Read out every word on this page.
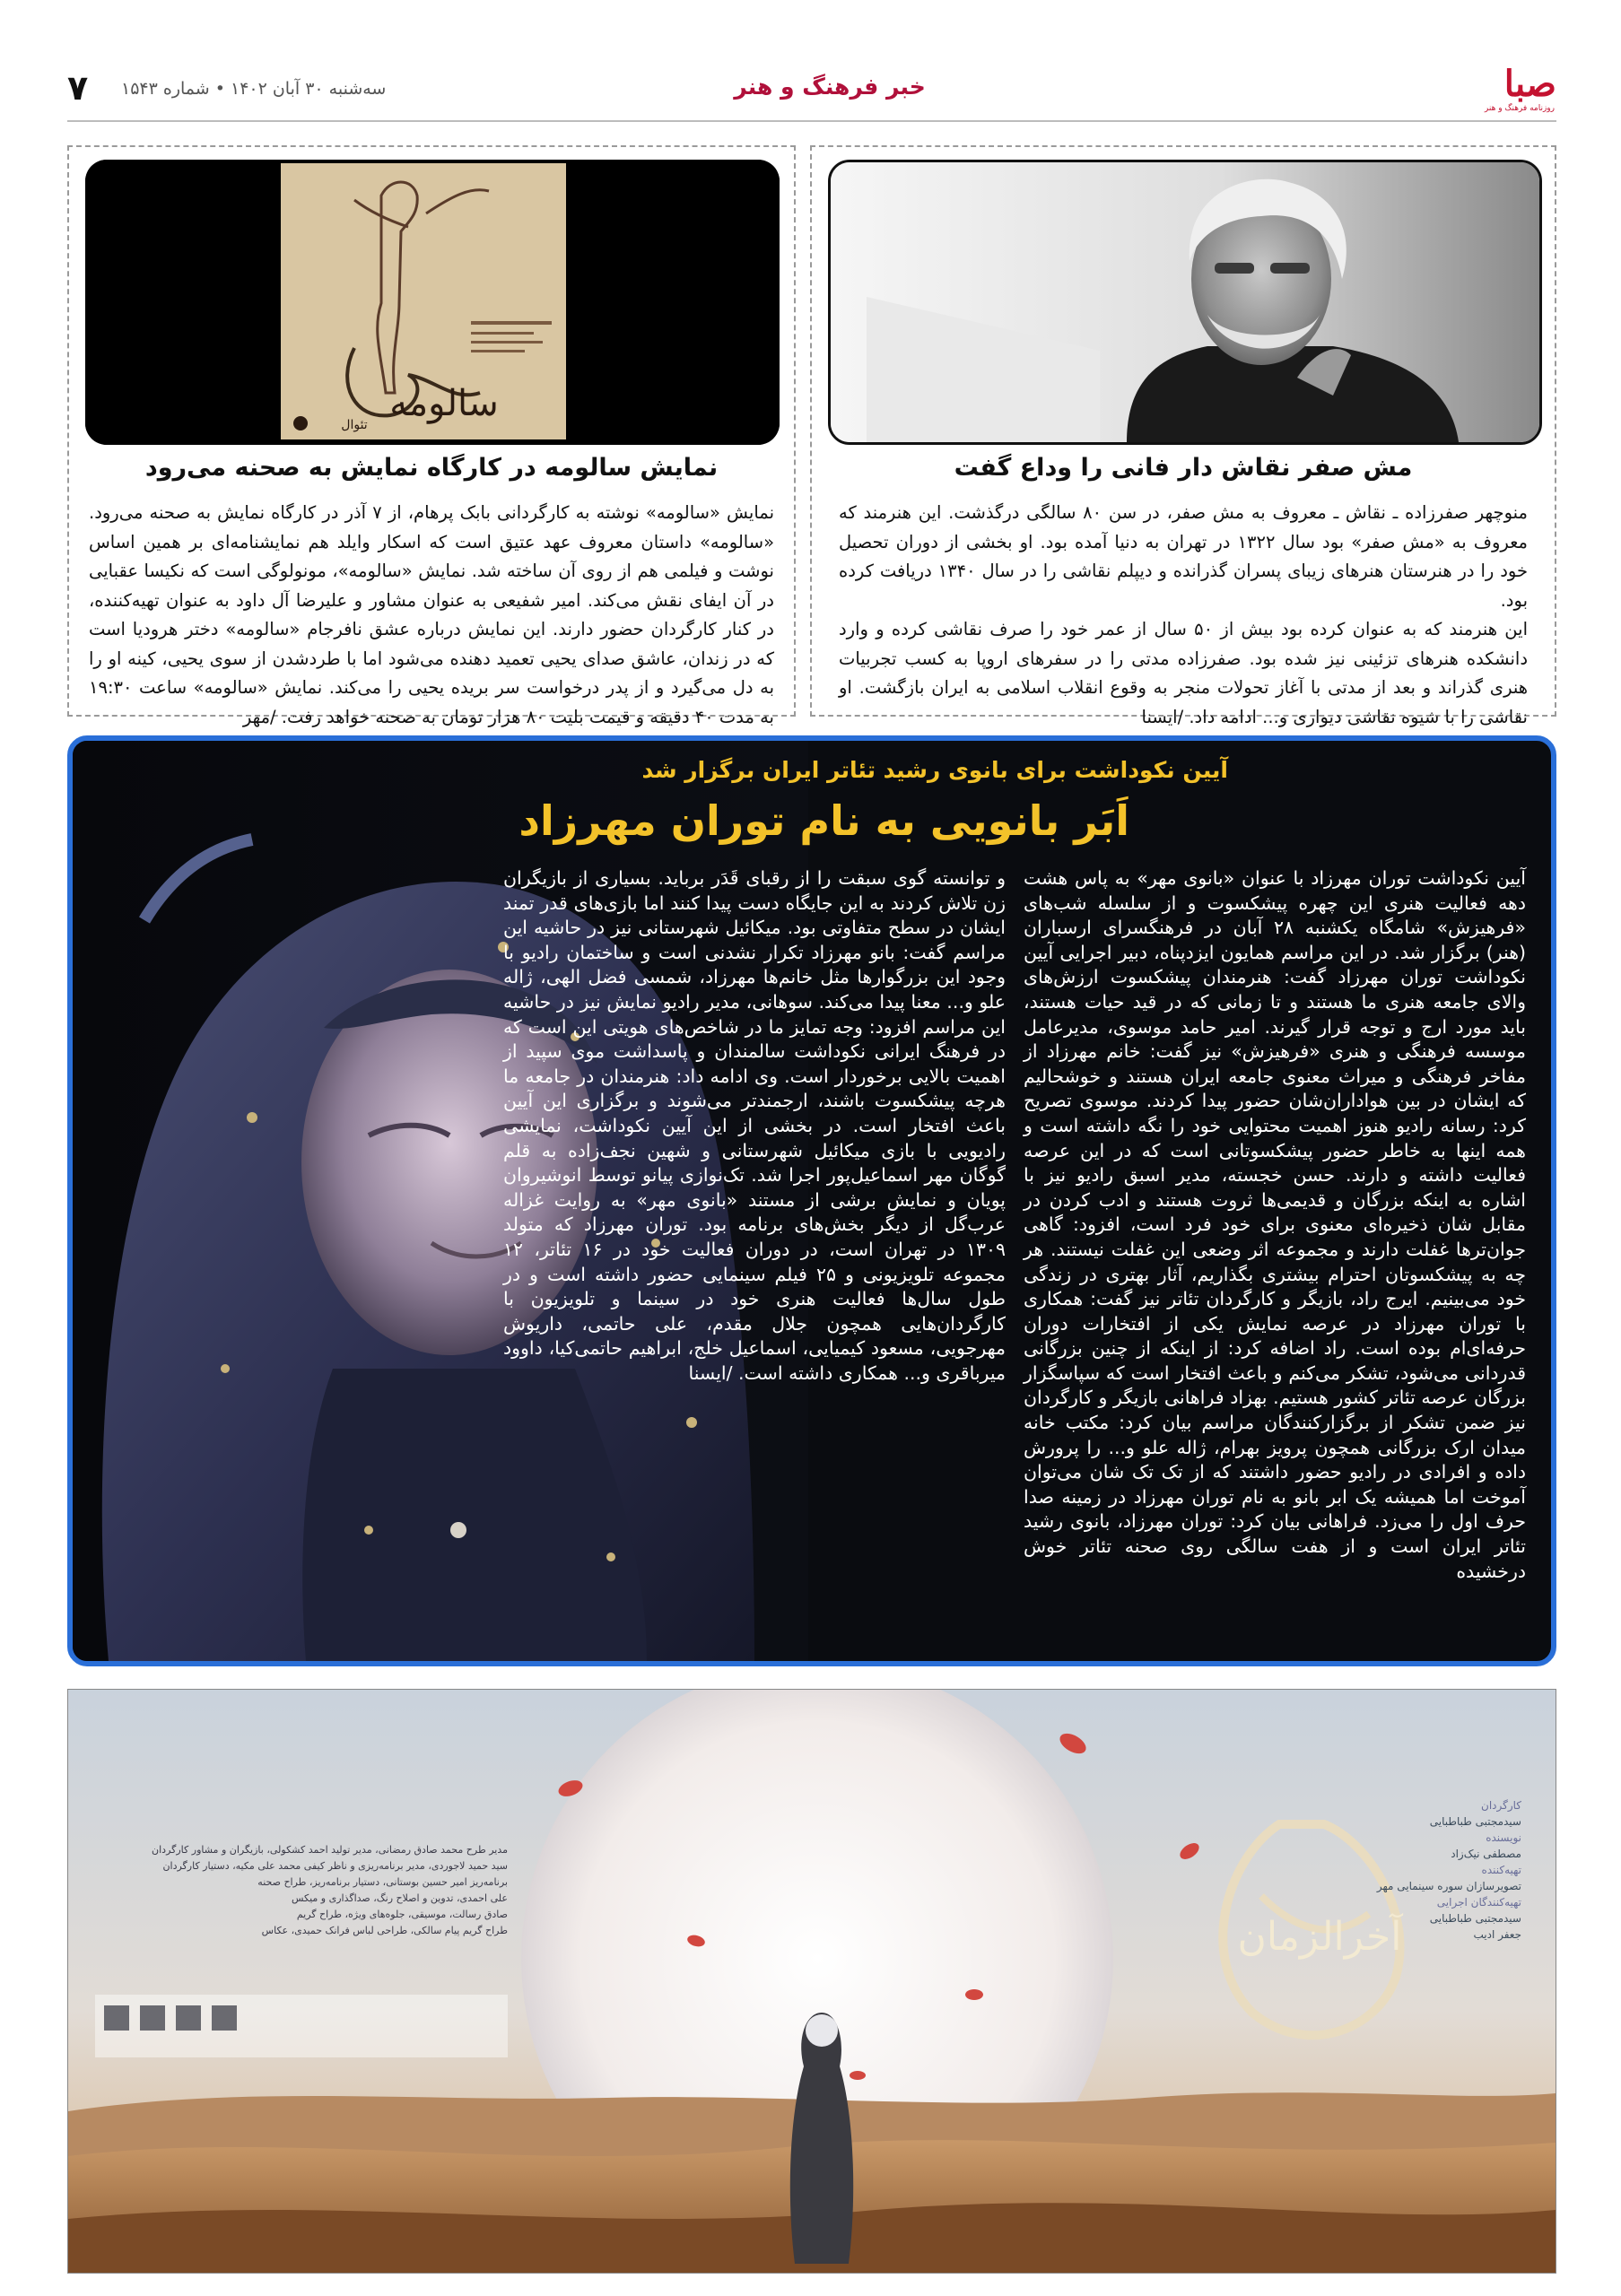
۷ سه‌شنبه ۳۰ آبان ۱۴۰۲ • شماره ۱۵۴۳	خبر فرهنگ و هنر	صبا
روزنامه فرهنگ و هنر
مش صفر نقاش دار فانی را وداع گفت

منوچهر صفرزاده ـ نقاش ـ معروف به مش صفر، در سن ۸۰ سالگی درگذشت. این هنرمند که معروف به «مش صفر» بود سال ۱۳۲۲ در تهران به دنیا آمده بود. او بخشی از دوران تحصیل خود را در هنرستان هنرهای زیبای پسران گذرانده و دیپلم نقاشی را در سال ۱۳۴۰ دریافت کرده بود.

این هنرمند که به عنوان کرده بود بیش از ۵۰ سال از عمر خود را صرف نقاشی کرده و وارد دانشکده هنرهای تزئینی نیز شده بود. صفرزاده مدتی را در سفرهای اروپا به کسب تجربیات هنری گذراند و بعد از مدتی با آغاز تحولات منجر به وقوع انقلاب اسلامی به ایران بازگشت. او نقاشی را با شیوه نقاشی دیواری و... ادامه داد. /ایسنا

سالومه
تئوال
نمایش سالومه در کارگاه نمایش به صحنه می‌رود

نمایش «سالومه» نوشته به کارگردانی بابک پرهام، از ۷ آذر در کارگاه نمایش به صحنه می‌رود. «سالومه» داستان معروف عهد عتیق است که اسکار وایلد هم نمایشنامه‌ای بر همین اساس نوشت و فیلمی هم از روی آن ساخته شد. نمایش «سالومه»، مونولوگی است که نکیسا عقبایی در آن ایفای نقش می‌کند. امیر شفیعی به عنوان مشاور و علیرضا آل داود به عنوان تهیه‌کننده، در کنار کارگردان حضور دارند. این نمایش درباره عشق نافرجام «سالومه» دختر هرودیا است که در زندان، عاشق صدای یحیی تعمید دهنده می‌شود اما با طردشدن از سوی یحیی، کینه او را به دل می‌گیرد و از پدر درخواست سر بریده یحیی را می‌کند. نمایش «سالومه» ساعت ۱۹:۳۰ به مدت ۴۰ دقیقه و قیمت بلیت ۸۰ هزار تومان به صحنه خواهد رفت. /مهر

آیین نکوداشت برای بانوی رشید تئاتر ایران برگزار شد
اَبَر بانویی به نام توران مهرزاد
آیین نکوداشت توران مهرزاد با عنوان «بانوی مهر» به پاس هشت دهه فعالیت هنری این چهره پیشکسوت و از سلسله شب‌های «فرهیزش» شامگاه یکشنبه ۲۸ آبان در فرهنگسرای ارسباران (هنر) برگزار شد. در این مراسم همایون ایزدپناه، دبیر اجرایی آیین نکوداشت توران مهرزاد گفت: هنرمندان پیشکسوت ارزش‌های والای جامعه هنری ما هستند و تا زمانی که در قید حیات هستند، باید مورد ارج و توجه قرار گیرند. امیر حامد موسوی، مدیرعامل موسسه فرهنگی و هنری «فرهیزش» نیز گفت: خانم مهرزاد از مفاخر فرهنگی و میراث معنوی جامعه ایران هستند و خوشحالیم که ایشان در بین هواداران‌شان حضور پیدا کردند. موسوی تصریح کرد: رسانه رادیو هنوز اهمیت محتوایی خود را نگه داشته است و همه اینها به خاطر حضور پیشکسوتانی است که در این عرصه فعالیت داشته و دارند. حسن خجسته، مدیر اسبق رادیو نیز با اشاره به اینکه بزرگان و قدیمی‌ها ثروت هستند و ادب کردن در مقابل شان ذخیره‌ای معنوی برای خود فرد است، افزود: گاهی جوان‌ترها غفلت دارند و مجموعه اثر وضعی این غفلت نیستند. هر چه به پیشکسوتان احترام بیشتری بگذاریم، آثار بهتری در زندگی خود می‌بینیم. ایرج راد، بازیگر و کارگردان تئاتر نیز گفت: همکاری با توران مهرزاد در عرصه نمایش یکی از افتخارات دوران حرفه‌ای‌ام بوده است. راد اضافه کرد: از اینکه از چنین بزرگانی قدردانی می‌شود، تشکر می‌کنم و باعث افتخار است که سپاسگزار بزرگان عرصه تئاتر کشور هستیم. بهزاد فراهانی بازیگر و کارگردان نیز ضمن تشکر از برگزارکنندگان مراسم بیان کرد: مکتب خانه میدان ارک بزرگانی همچون پرویز بهرام، ژاله علو و... را پرورش داده و افرادی در رادیو حضور داشتند که از تک تک شان می‌توان آموخت اما همیشه یک ابر بانو به نام توران مهرزاد در زمینه صدا حرف اول را می‌زد. فراهانی بیان کرد: توران مهرزاد، بانوی رشید تئاتر ایران است و از هفت سالگی روی صحنه تئاتر خوش درخشیده
و توانسته گوی سبقت را از رقبای قَدَر برباید. بسیاری از بازیگران زن تلاش کردند به این جایگاه دست پیدا کنند اما بازی‌های قدر تمند ایشان در سطح متفاوتی بود. میکائیل شهرستانی نیز در حاشیه این مراسم گفت: بانو مهرزاد تکرار نشدنی است و ساختمان رادیو با وجود این بزرگوارها مثل خانم‌ها مهرزاد، شمسی فضل الهی، ژاله علو و... معنا پیدا می‌کند. سوهانی، مدیر رادیو نمایش نیز در حاشیه این مراسم افزود: وجه تمایز ما در شاخص‌های هویتی این است که در فرهنگ ایرانی نکوداشت سالمندان و پاسداشت موی سپید از اهمیت بالایی برخوردار است. وی ادامه داد: هنرمندان در جامعه ما هرچه پیشکسوت باشند، ارجمندتر می‌شوند و برگزاری این آیین باعث افتخار است. در بخشی از این آیین نکوداشت، نمایشی رادیویی با بازی میکائیل شهرستانی و شهین نجف‌زاده به قلم گوگان مهر اسماعیل‌پور اجرا شد. تک‌نوازی پیانو توسط انوشیروان پویان و نمایش برشی از مستند «بانوی مهر» به روایت غزاله عرب‌گل از دیگر بخش‌های برنامه بود. توران مهرزاد که متولد ۱۳۰۹ در تهران است، در دوران فعالیت خود در ۱۶ تئاتر، ۱۲ مجموعه تلویزیونی و ۲۵ فیلم سینمایی حضور داشته است و در طول سال‌ها فعالیت هنری خود در سینما و تلویزیون با کارگردان‌هایی همچون جلال مقدم، علی حاتمی، داریوش مهرجویی، مسعود کیمیایی، اسماعیل خلج، ابراهیم حاتمی‌کیا، داوود میرباقری و... همکاری داشته است. /ایسنا
آخرالزمان
کارگردان
سیدمجتبی طباطبایی
نویسنده
مصطفی نیک‌زاد
تهیه‌کننده
تصویرسازان سوره سینمایی مهر
تهیه‌کنندگان اجرایی
سیدمجتبی طباطبایی
جعفر ادیب
مدیر طرح محمد صادق رمضانی، مدیر تولید احمد کشکولی، بازیگران و مشاور کارگردان
سید حمید لاجوردی، مدیر برنامه‌ریزی و ناظر کیفی محمد علی مکیه، دستیار کارگردان
برنامه‌ریز امیر حسین بوستانی، دستیار برنامه‌ریز، طراح صحنه
علی احمدی، تدوین و اصلاح رنگ، صداگذاری و میکس
صادق رسالت، موسیقی، جلوه‌های ویژه، طراح گریم
طراح گریم پیام سالکی، طراحی لباس فرانک حمیدی، عکاس
